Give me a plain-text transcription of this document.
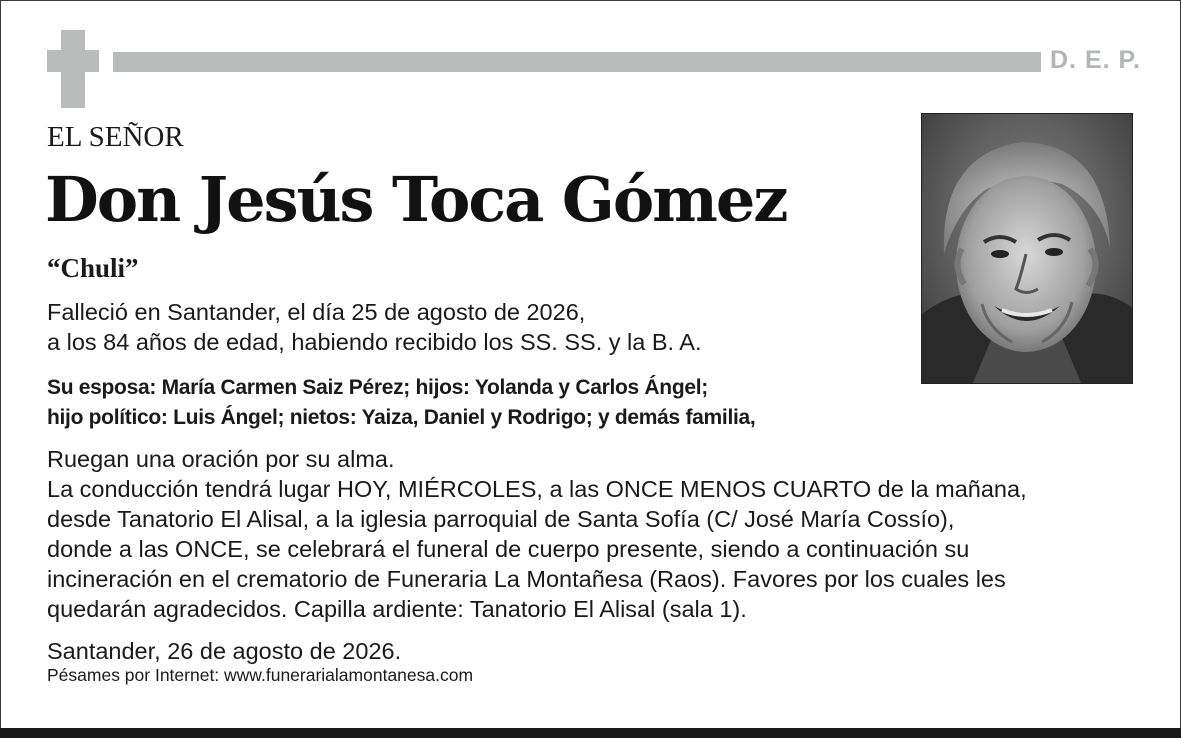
D. E. P.
EL SEÑOR
Don Jesús Toca Gómez
“Chuli”
Falleció en Santander, el día 25 de agosto de 2026,
a los 84 años de edad, habiendo recibido los SS. SS. y la B. A.
Su esposa: María Carmen Saiz Pérez; hijos: Yolanda y Carlos Ángel;
hijo político: Luis Ángel; nietos: Yaiza, Daniel y Rodrigo; y demás familia,
Ruegan una oración por su alma.
La conducción tendrá lugar HOY, MIÉRCOLES, a las ONCE MENOS CUARTO de la mañana,
desde Tanatorio El Alisal, a la iglesia parroquial de Santa Sofía (C/ José María Cossío),
donde a las ONCE, se celebrará el funeral de cuerpo presente, siendo a continuación su
incineración en el crematorio de Funeraria La Montañesa (Raos). Favores por los cuales les
quedarán agradecidos. Capilla ardiente: Tanatorio El Alisal (sala 1).
Santander, 26 de agosto de 2026.
Pésames por Internet: www.funerarialamontanesa.com
